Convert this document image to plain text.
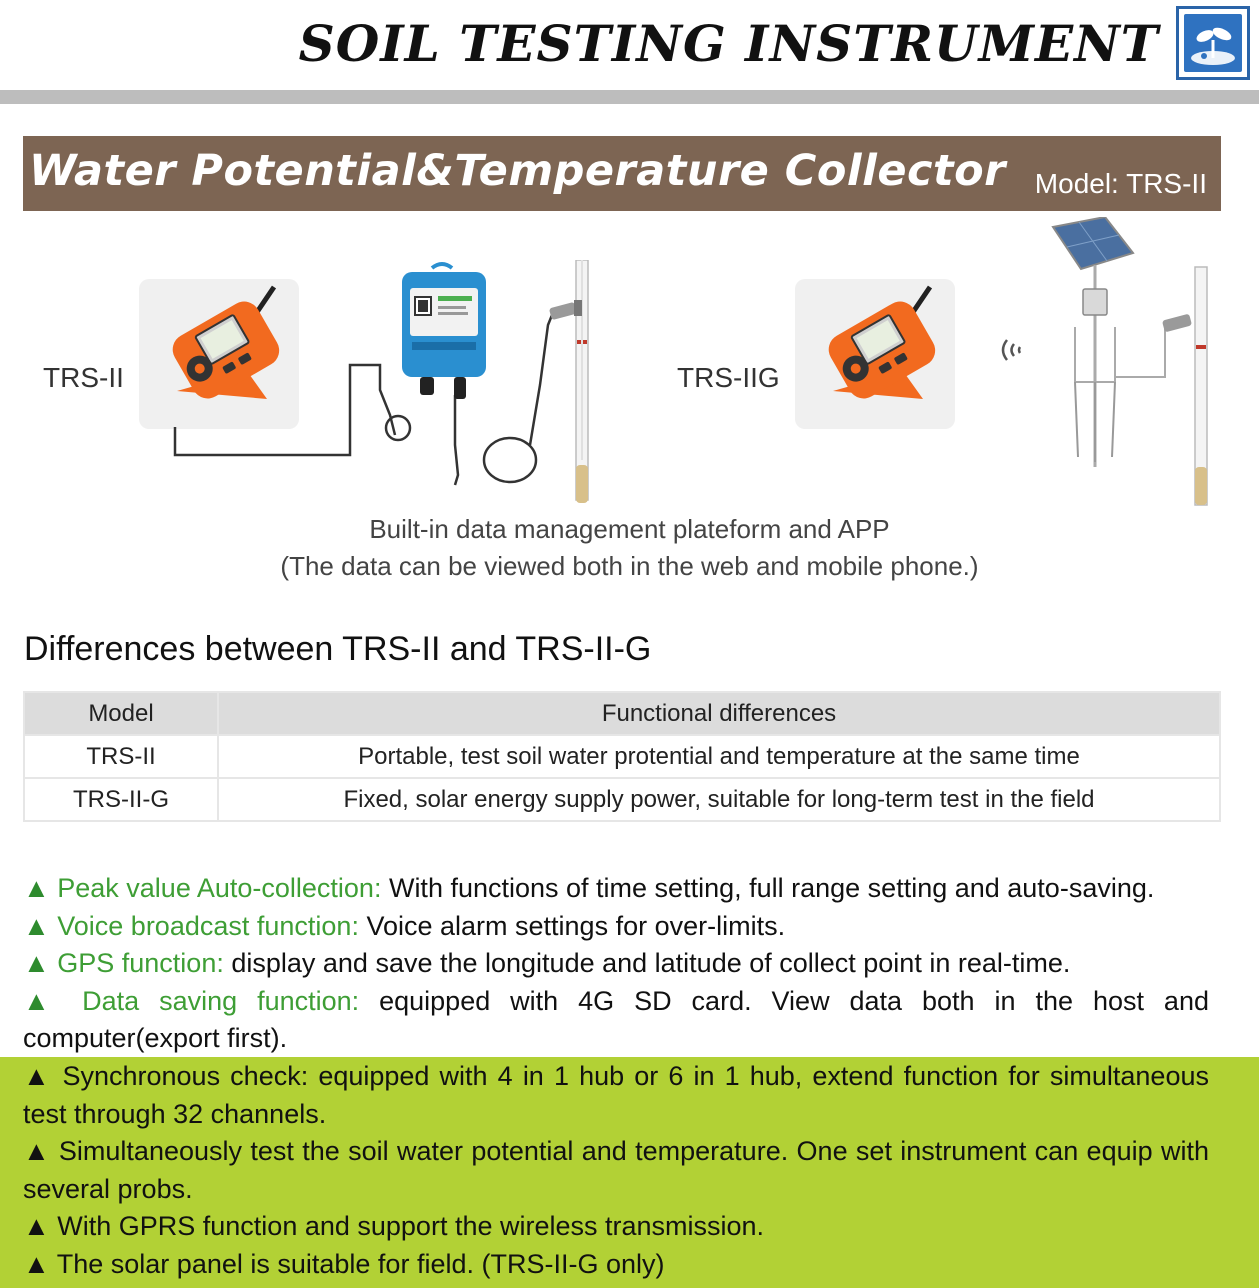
SOIL TESTING INSTRUMENT
Water Potential&Temperature Collector Model: TRS-II
TRS-II	TRS-IIG
Built-in data management plateform and APP
(The data can be viewed both in the web and mobile phone.)
Differences between TRS-II and TRS-II-G
Model	Functional differences
TRS-II	Portable, test soil water protential and temperature at the same time
TRS-II-G	Fixed, solar energy supply power, suitable for long-term test in the field
▲ Peak value Auto-collection: With functions of time setting, full range setting and auto-saving.
▲ Voice broadcast function: Voice alarm settings for over-limits.
▲ GPS function: display and save the longitude and latitude of collect point in real-time.
▲ Data saving function: equipped with 4G SD card. View data both in the host and computer(export first).
▲ Synchronous check: equipped with 4 in 1 hub or 6 in 1 hub, extend function for simultaneous test through 32 channels.
▲ Simultaneously test the soil water potential and temperature. One set instrument can equip with several probs.
▲ With GPRS function and support the wireless transmission.
▲ The solar panel is suitable for field. (TRS-II-G only)
